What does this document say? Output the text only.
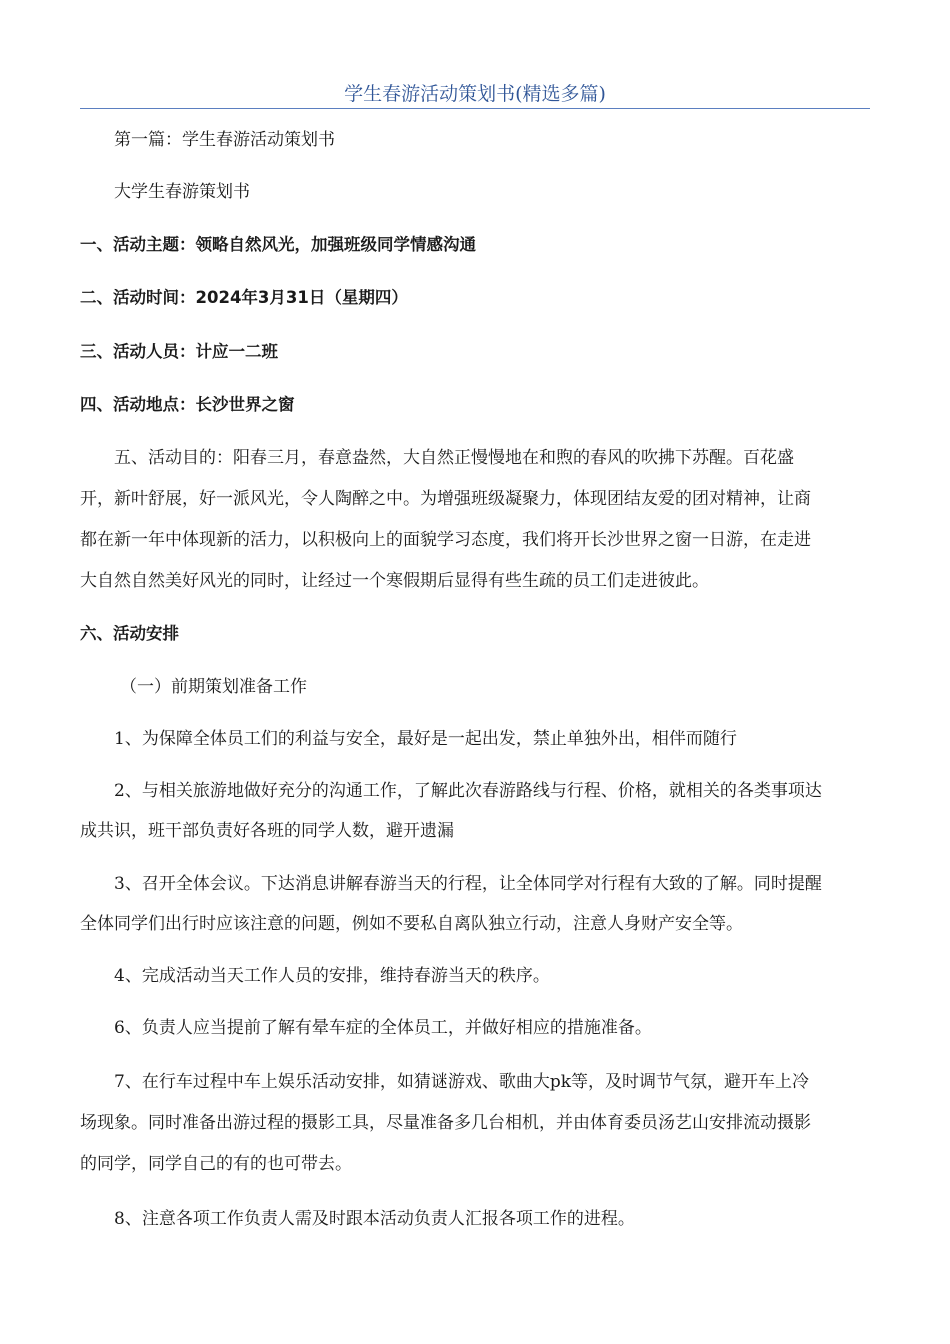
学生春游活动策划书(精选多篇)
第一篇：学生春游活动策划书
大学生春游策划书
一、活动主题：领略自然风光，加强班级同学情感沟通
二、活动时间：2024年3月31日（星期四）
三、活动人员：计应一二班
四、活动地点：长沙世界之窗
五、活动目的：阳春三月，春意盎然，大自然正慢慢地在和煦的春风的吹拂下苏醒。百花盛
开，新叶舒展，好一派风光，令人陶醉之中。为增强班级凝聚力，体现团结友爱的团对精神，让商
都在新一年中体现新的活力，以积极向上的面貌学习态度，我们将开长沙世界之窗一日游，在走进
大自然自然美好风光的同时，让经过一个寒假期后显得有些生疏的员工们走进彼此。
六、活动安排
（一）前期策划准备工作
1、为保障全体员工们的利益与安全，最好是一起出发，禁止单独外出，相伴而随行
2、与相关旅游地做好充分的沟通工作，了解此次春游路线与行程、价格，就相关的各类事项达
成共识，班干部负责好各班的同学人数，避开遗漏
3、召开全体会议。下达消息讲解春游当天的行程，让全体同学对行程有大致的了解。同时提醒
全体同学们出行时应该注意的问题，例如不要私自离队独立行动，注意人身财产安全等。
4、完成活动当天工作人员的安排，维持春游当天的秩序。
6、负责人应当提前了解有晕车症的全体员工，并做好相应的措施准备。
7、在行车过程中车上娱乐活动安排，如猜谜游戏、歌曲大pk等，及时调节气氛，避开车上冷
场现象。同时准备出游过程的摄影工具，尽量准备多几台相机，并由体育委员汤艺山安排流动摄影
的同学，同学自己的有的也可带去。
8、注意各项工作负责人需及时跟本活动负责人汇报各项工作的进程。
